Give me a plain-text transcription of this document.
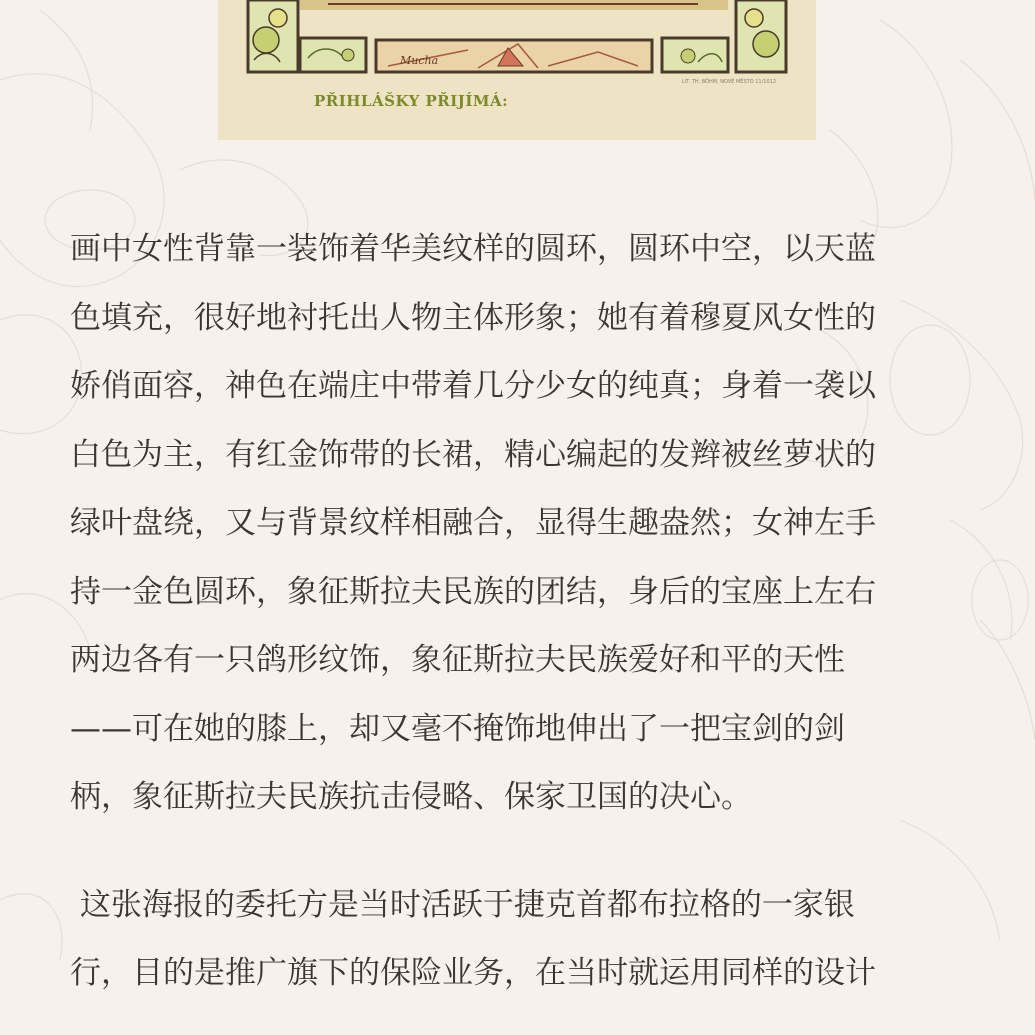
Mucha
PŘIHLÁŠKY PŘIJÍMÁ:
LIT. TH. BÖHM, NOVÉ MĚSTO 11/1012

画中女性背靠一装饰着华美纹样的圆环，圆环中空，以天蓝

色填充，很好地衬托出人物主体形象；她有着穆夏风女性的

娇俏面容，神色在端庄中带着几分少女的纯真；身着一袭以

白色为主，有红金饰带的长裙，精心编起的发辫被丝萝状的

绿叶盘绕，又与背景纹样相融合，显得生趣盎然；女神左手

持一金色圆环，象征斯拉夫民族的团结，身后的宝座上左右

两边各有一只鸽形纹饰，象征斯拉夫民族爱好和平的天性

——可在她的膝上，却又毫不掩饰地伸出了一把宝剑的剑

柄，象征斯拉夫民族抗击侵略、保家卫国的决心。

这张海报的委托方是当时活跃于捷克首都布拉格的一家银

行，目的是推广旗下的保险业务，在当时就运用同样的设计
